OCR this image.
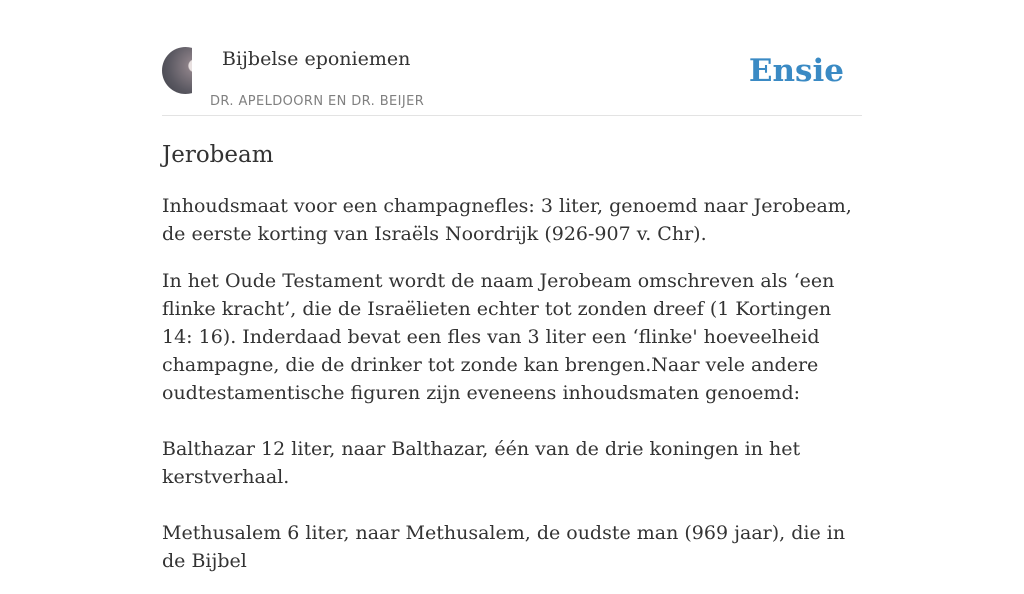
Bijbelse eponiemen
DR. APELDOORN EN DR. BEIJER
Ensie
Jerobeam

Inhoudsmaat voor een champagnefles: 3 liter, genoemd naar Jerobeam, de eerste korting van Israëls Noordrijk (926-907 v. Chr).

In het Oude Testament wordt de naam Jerobeam omschreven als ‘een flinke kracht’, die de Israëlieten echter tot zonden dreef (1 Kortingen 14: 16). Inderdaad bevat een fles van 3 liter een ‘flinke' hoeveelheid champagne, die de drinker tot zonde kan brengen.Naar vele andere oudtestamentische figuren zijn eveneens inhoudsmaten genoemd:

Balthazar 12 liter, naar Balthazar, één van de drie koningen in het kerstverhaal.

Methusalem 6 liter, naar Methusalem, de oudste man (969 jaar), die in de Bijbel
